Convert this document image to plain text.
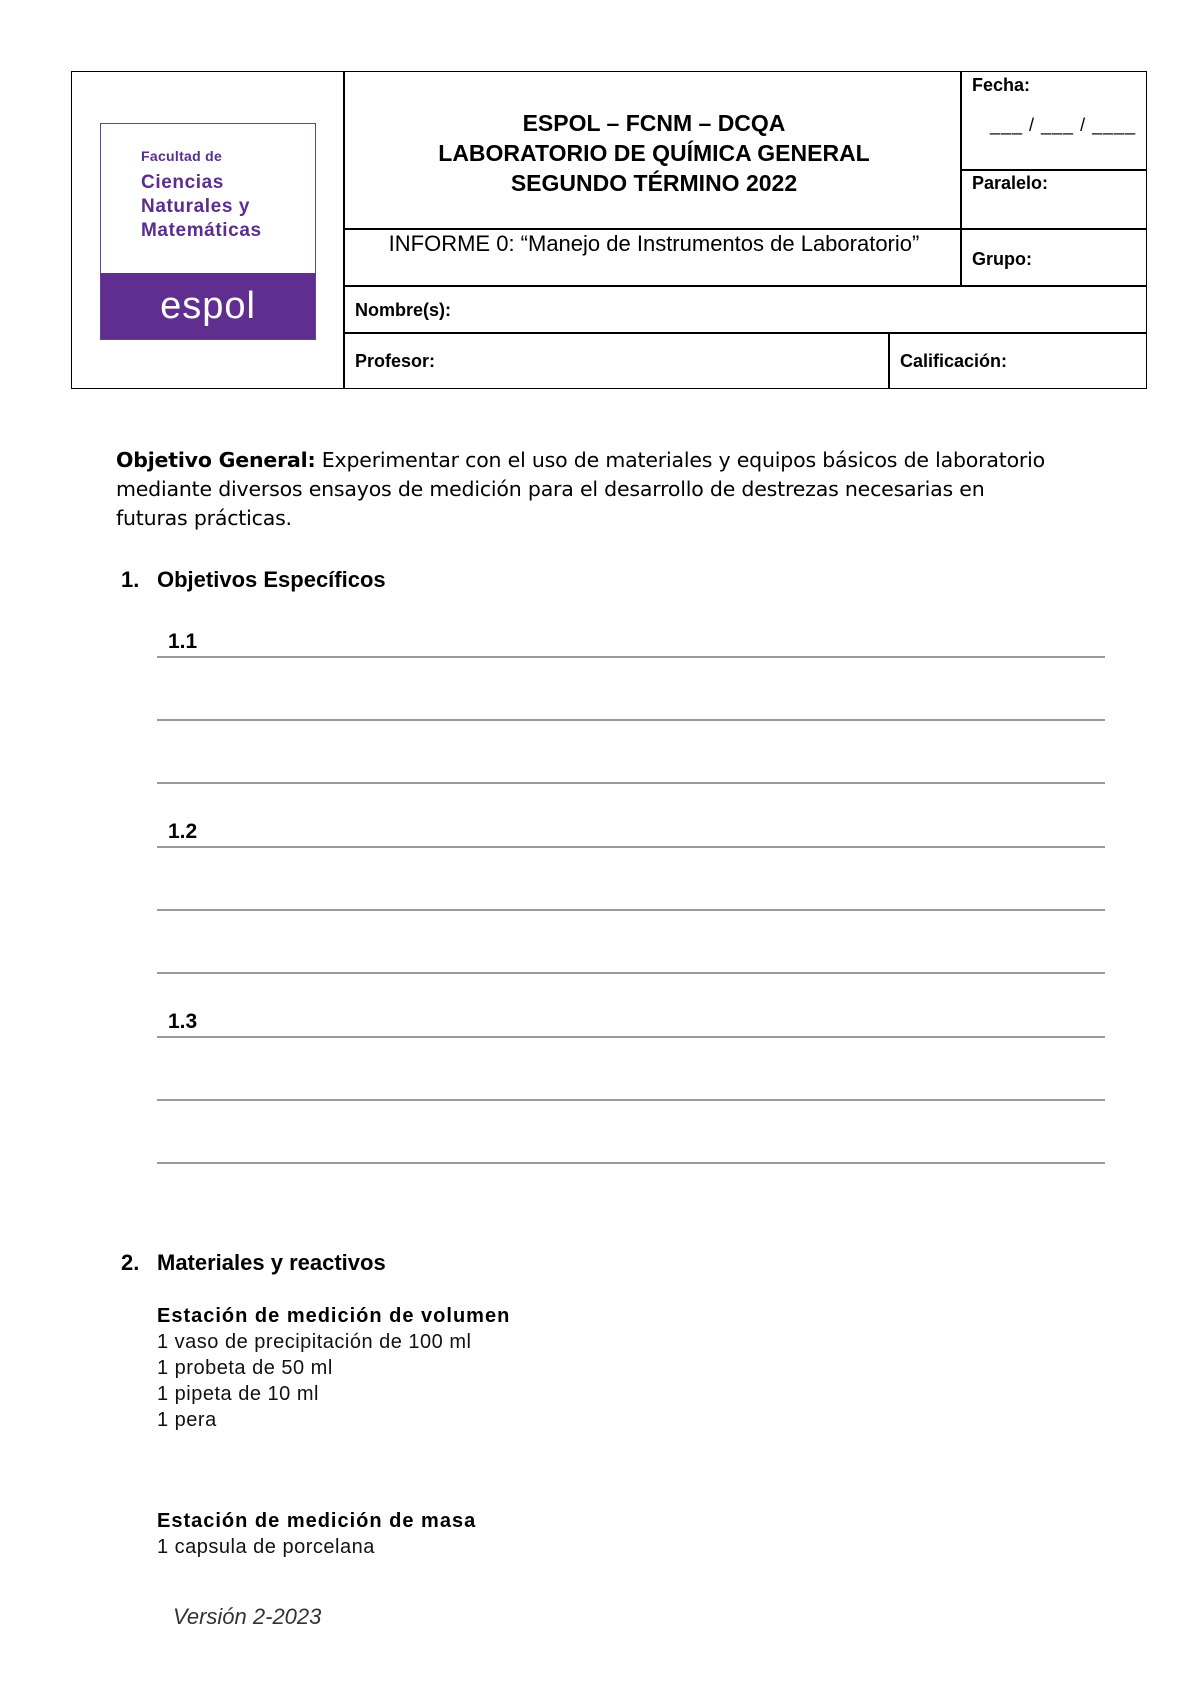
Facultad de
Ciencias
Naturales y
Matemáticas
espol
ESPOL – FCNM – DCQA
LABORATORIO DE QUÍMICA GENERAL
SEGUNDO TÉRMINO 2022
INFORME 0: “Manejo de Instrumentos de Laboratorio”
Fecha:
___ / ___ / ____
Paralelo:
Grupo:
Nombre(s):
Profesor:	Calificación:
Objetivo General: Experimentar con el uso de materiales y equipos básicos de laboratorio mediante diversos ensayos de medición para el desarrollo de destrezas necesarias en futuras prácticas.
1. Objetivos Específicos
1.1
1.2
1.3
2. Materiales y reactivos
Estación de medición de volumen
1 vaso de precipitación de 100 ml
1 probeta de 50 ml
1 pipeta de 10 ml
1 pera
Estación de medición de masa
1 capsula de porcelana
Versión 2-2023
